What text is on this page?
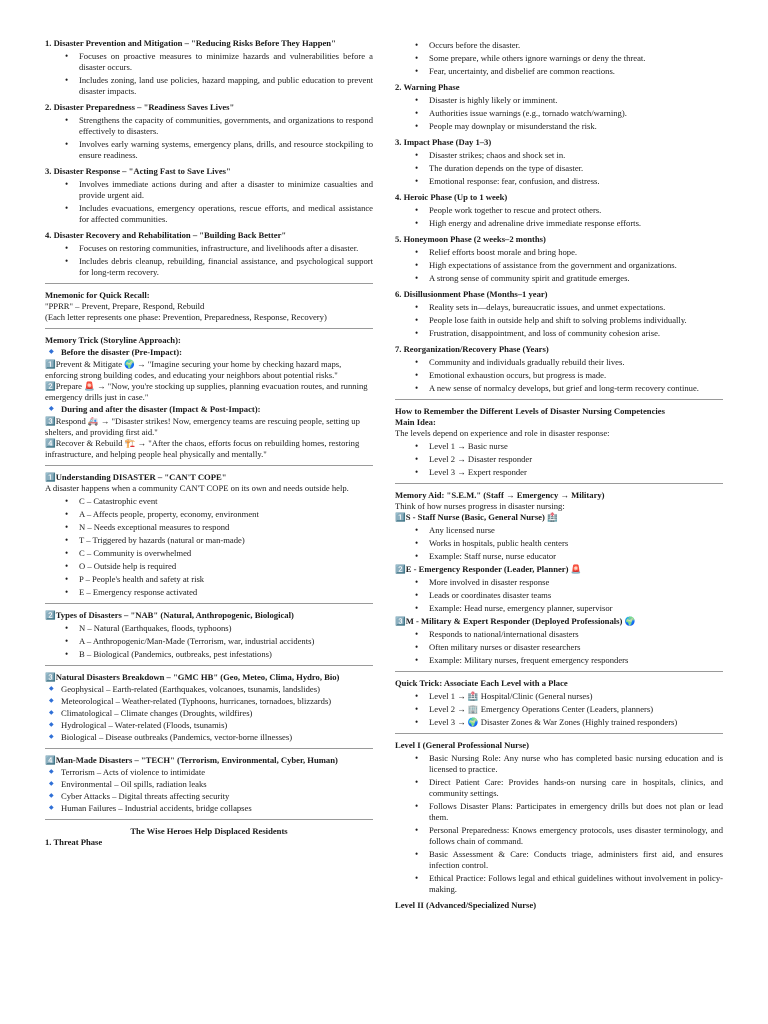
1. Disaster Prevention and Mitigation – "Reducing Risks Before They Happen"

• Focuses on proactive measures to minimize hazards and vulnerabilities before a disaster occurs.
• Includes zoning, land use policies, hazard mapping, and public education to prevent disaster impacts.

2. Disaster Preparedness – "Readiness Saves Lives"

• Strengthens the capacity of communities, governments, and organizations to respond effectively to disasters.
• Involves early warning systems, emergency plans, drills, and resource stockpiling to ensure readiness.

3. Disaster Response – "Acting Fast to Save Lives"

• Involves immediate actions during and after a disaster to minimize casualties and provide urgent aid.
• Includes evacuations, emergency operations, rescue efforts, and medical assistance for affected communities.

4. Disaster Recovery and Rehabilitation – "Building Back Better"

• Focuses on restoring communities, infrastructure, and livelihoods after a disaster.
• Includes debris cleanup, rebuilding, financial assistance, and psychological support for long-term recovery.

Mnemonic for Quick Recall:

"PPRR" – Prevent, Prepare, Respond, Rebuild

(Each letter represents one phase: Prevention, Preparedness, Response, Recovery)

Memory Trick (Storyline Approach):

◆ Before the disaster (Pre-Impact):

1️⃣Prevent & Mitigate 🌍 → "Imagine securing your home by checking hazard maps, enforcing strong building codes, and educating your neighbors about potential risks."

2️⃣Prepare 🚨 → "Now, you're stocking up supplies, planning evacuation routes, and running emergency drills just in case."

◆ During and after the disaster (Impact & Post-Impact):

3️⃣Respond 🚑 → "Disaster strikes! Now, emergency teams are rescuing people, setting up shelters, and providing first aid."

4️⃣Recover & Rebuild 🏗️ → "After the chaos, efforts focus on rebuilding homes, restoring infrastructure, and helping people heal physically and mentally."

1️⃣Understanding DISASTER – "CAN'T COPE"

A disaster happens when a community CAN'T COPE on its own and needs outside help.

• C – Catastrophic event
• A – Affects people, property, economy, environment
• N – Needs exceptional measures to respond
• T – Triggered by hazards (natural or man-made)
• C – Community is overwhelmed
• O – Outside help is required
• P – People's health and safety at risk
• E – Emergency response activated

2️⃣Types of Disasters – "NAB" (Natural, Anthropogenic, Biological)

• N – Natural (Earthquakes, floods, typhoons)
• A – Anthropogenic/Man-Made (Terrorism, war, industrial accidents)
• B – Biological (Pandemics, outbreaks, pest infestations)

3️⃣Natural Disasters Breakdown – "GMC HB" (Geo, Meteo, Clima, Hydro, Bio)

◆ Geophysical – Earth-related (Earthquakes, volcanoes, tsunamis, landslides)
◆ Meteorological – Weather-related (Typhoons, hurricanes, tornadoes, blizzards)
◆ Climatological – Climate changes (Droughts, wildfires)
◆ Hydrological – Water-related (Floods, tsunamis)
◆ Biological – Disease outbreaks (Pandemics, vector-borne illnesses)

4️⃣Man-Made Disasters – "TECH" (Terrorism, Environmental, Cyber, Human)

◆ Terrorism – Acts of violence to intimidate
◆ Environmental – Oil spills, radiation leaks
◆ Cyber Attacks – Digital threats affecting security
◆ Human Failures – Industrial accidents, bridge collapses

The Wise Heroes Help Displaced Residents

1. Threat Phase

• Occurs before the disaster.
• Some prepare, while others ignore warnings or deny the threat.
• Fear, uncertainty, and disbelief are common reactions.

2. Warning Phase

• Disaster is highly likely or imminent.
• Authorities issue warnings (e.g., tornado watch/warning).
• People may downplay or misunderstand the risk.

3. Impact Phase (Day 1–3)

• Disaster strikes; chaos and shock set in.
• The duration depends on the type of disaster.
• Emotional response: fear, confusion, and distress.

4. Heroic Phase (Up to 1 week)

• People work together to rescue and protect others.
• High energy and adrenaline drive immediate response efforts.

5. Honeymoon Phase (2 weeks–2 months)

• Relief efforts boost morale and bring hope.
• High expectations of assistance from the government and organizations.
• A strong sense of community spirit and gratitude emerges.

6. Disillusionment Phase (Months–1 year)

• Reality sets in—delays, bureaucratic issues, and unmet expectations.
• People lose faith in outside help and shift to solving problems individually.
• Frustration, disappointment, and loss of community cohesion arise.

7. Reorganization/Recovery Phase (Years)

• Community and individuals gradually rebuild their lives.
• Emotional exhaustion occurs, but progress is made.
• A new sense of normalcy develops, but grief and long-term recovery continue.

How to Remember the Different Levels of Disaster Nursing Competencies

Main Idea:

The levels depend on experience and role in disaster response:

• Level 1 → Basic nurse
• Level 2 → Disaster responder
• Level 3 → Expert responder

Memory Aid: "S.E.M." (Staff → Emergency → Military)

Think of how nurses progress in disaster nursing:

1️⃣S - Staff Nurse (Basic, General Nurse) 🏥

• Any licensed nurse
• Works in hospitals, public health centers
• Example: Staff nurse, nurse educator

2️⃣E - Emergency Responder (Leader, Planner) 🚨

• More involved in disaster response
• Leads or coordinates disaster teams
• Example: Head nurse, emergency planner, supervisor

3️⃣M - Military & Expert Responder (Deployed Professionals) 🌍

• Responds to national/international disasters
• Often military nurses or disaster researchers
• Example: Military nurses, frequent emergency responders

Quick Trick: Associate Each Level with a Place

• Level 1 → 🏥 Hospital/Clinic (General nurses)
• Level 2 → 🏢 Emergency Operations Center (Leaders, planners)
• Level 3 → 🌍 Disaster Zones & War Zones (Highly trained responders)

Level I (General Professional Nurse)

• Basic Nursing Role: Any nurse who has completed basic nursing education and is licensed to practice.
• Direct Patient Care: Provides hands-on nursing care in hospitals, clinics, and community settings.
• Follows Disaster Plans: Participates in emergency drills but does not plan or lead them.
• Personal Preparedness: Knows emergency protocols, uses disaster terminology, and follows chain of command.
• Basic Assessment & Care: Conducts triage, administers first aid, and ensures infection control.
• Ethical Practice: Follows legal and ethical guidelines without involvement in policy-making.

Level II (Advanced/Specialized Nurse)
